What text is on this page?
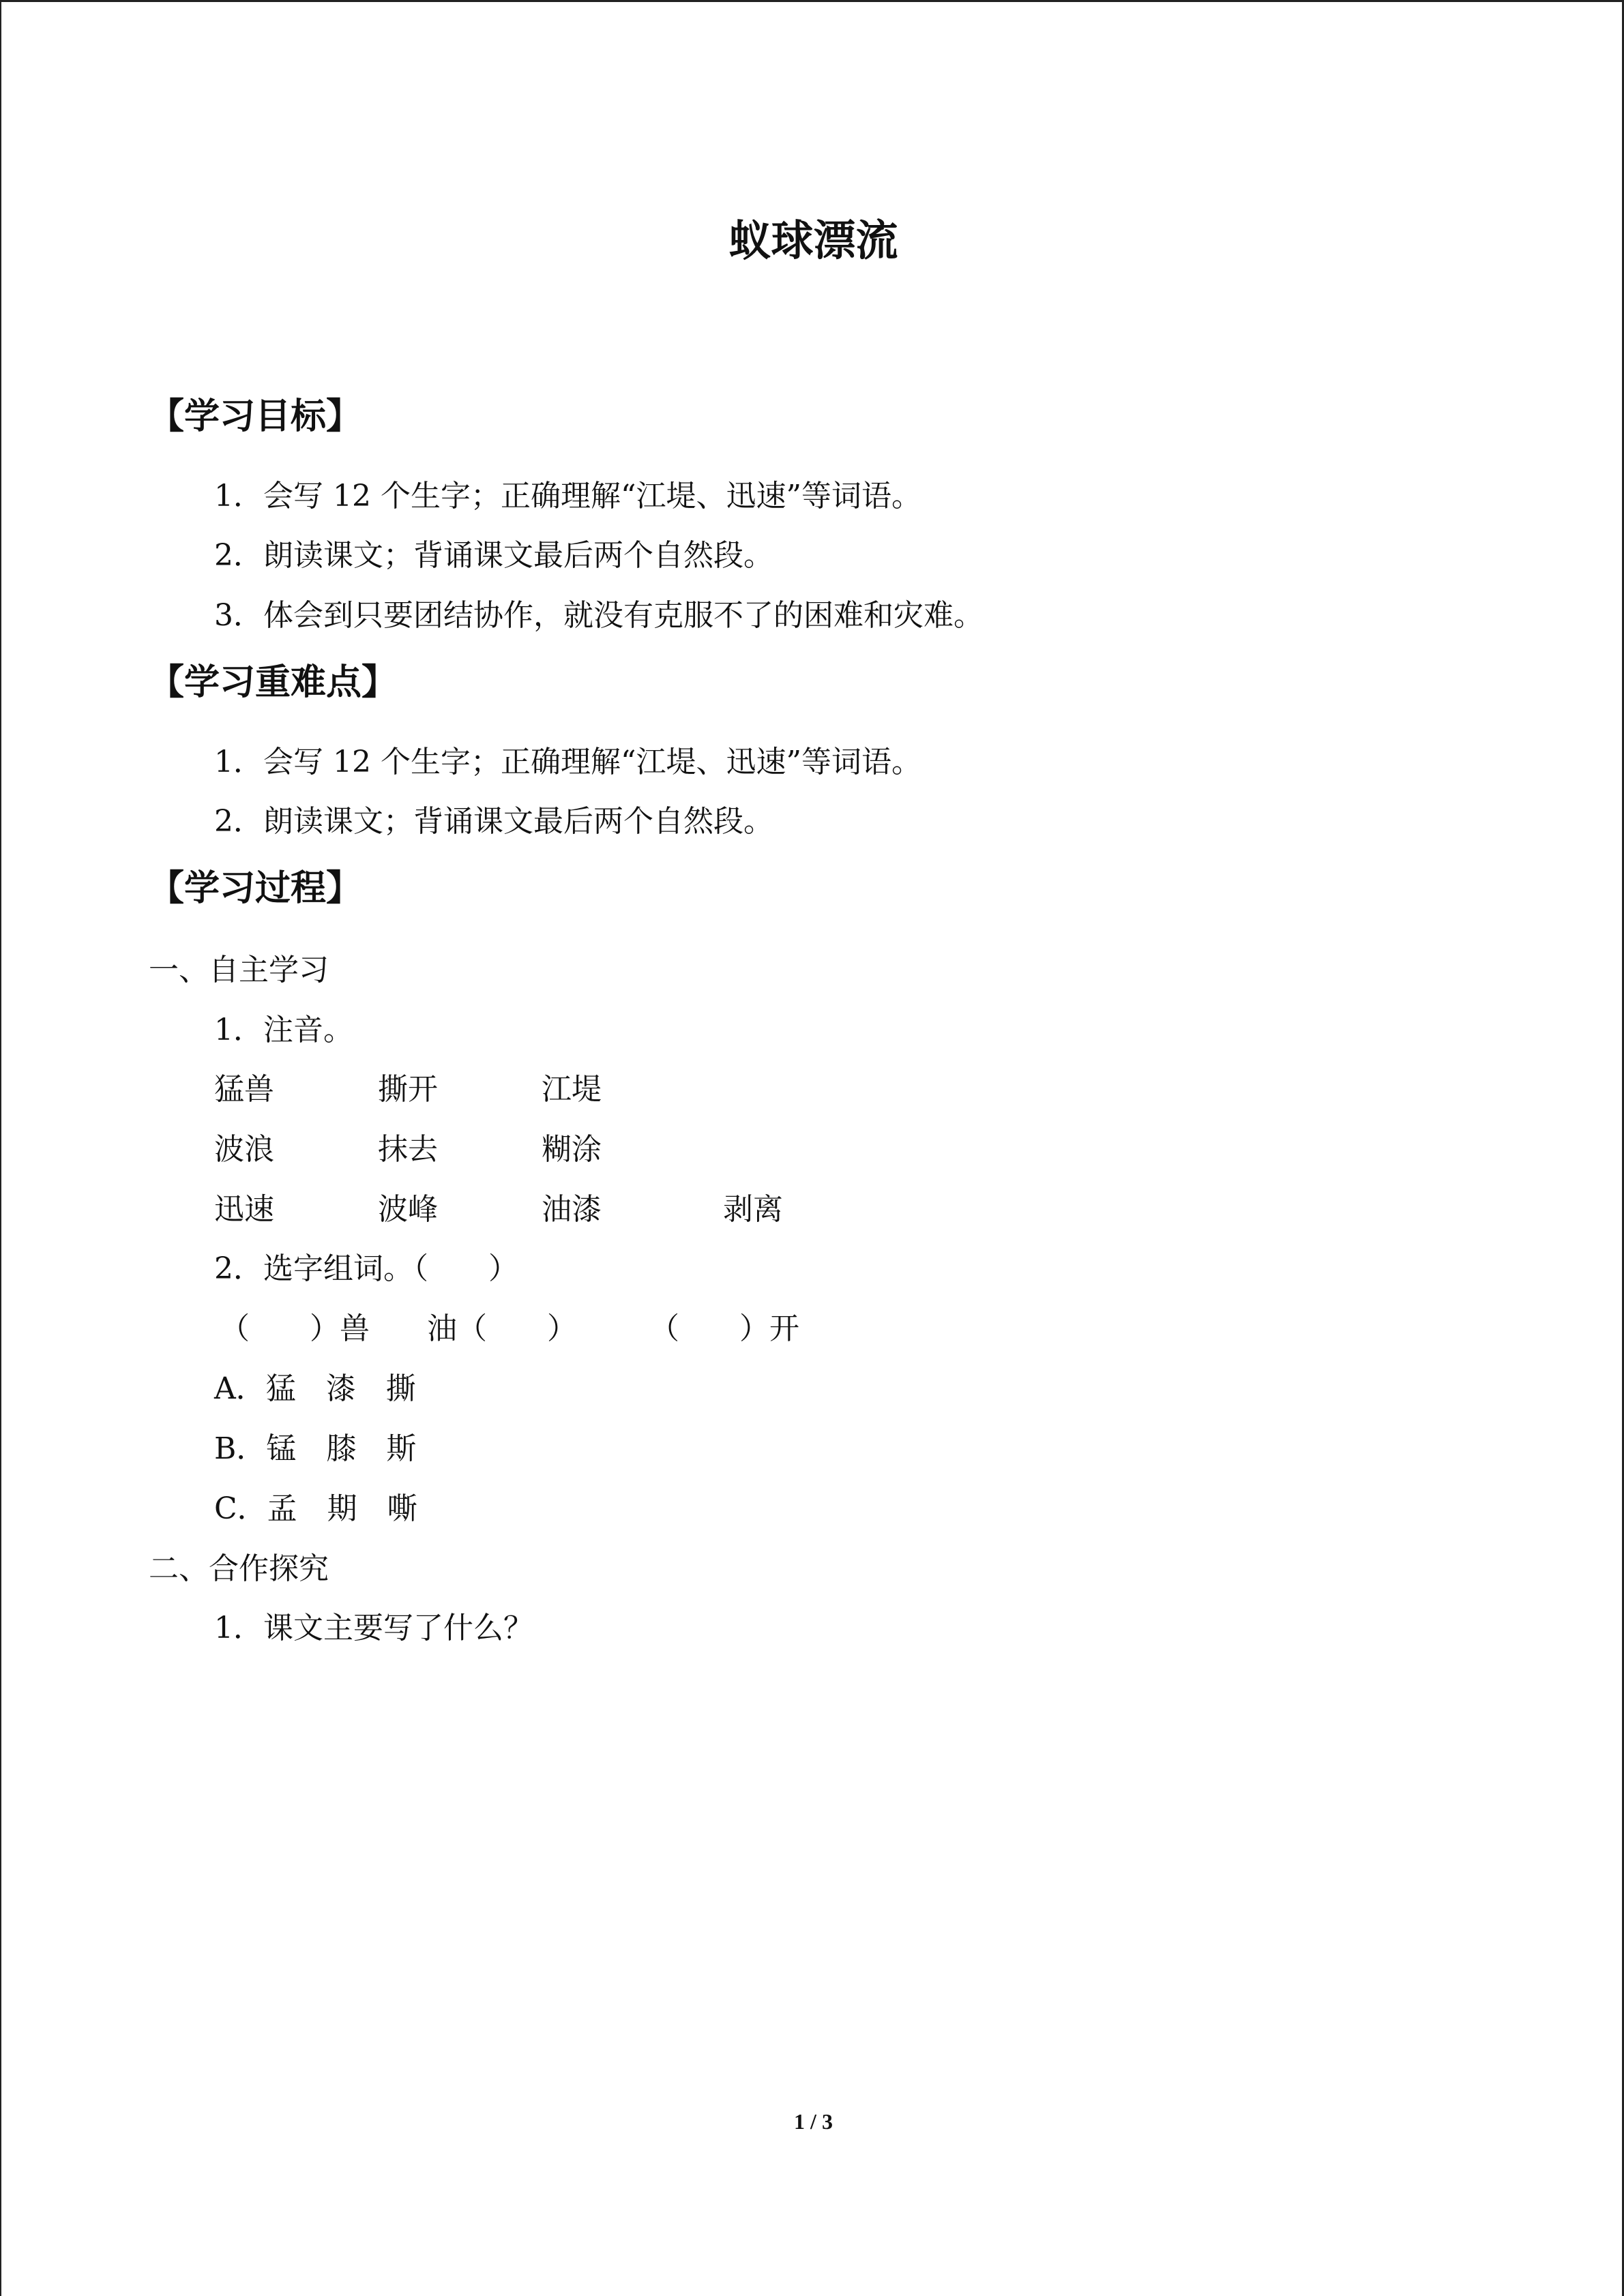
蚁球漂流
【学习目标】
1．会写 12 个生字；正确理解“江堤、迅速”等词语。
2．朗读课文；背诵课文最后两个自然段。
3．体会到只要团结协作，就没有克服不了的困难和灾难。
【学习重难点】
1．会写 12 个生字；正确理解“江堤、迅速”等词语。
2．朗读课文；背诵课文最后两个自然段。
【学习过程】
一、自主学习
1．注音。
猛兽	撕开	江堤
波浪	抹去	糊涂
迅速	波峰	油漆	剥离
2．选字组词。（　　）
（　　）兽 油（　　） （　　）开
A．猛　漆　撕
B．锰　膝　斯
C．孟　期　嘶
二、合作探究
1．课文主要写了什么？
1 / 3
